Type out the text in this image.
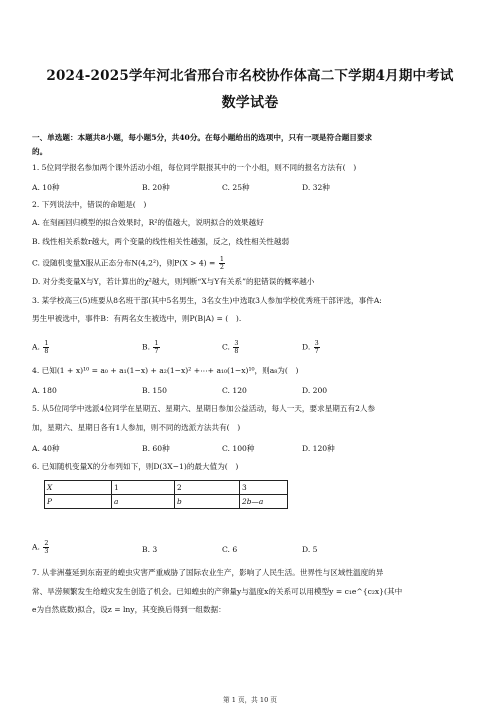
2024-2025学年河北省邢台市名校协作体高二下学期4月期中考试
数学试卷
一、单选题：本题共8小题，每小题5分，共40分。在每小题给出的选项中，只有一项是符合题目要求
的。
1. 5位同学报名参加两个课外活动小组，每位同学限报其中的一个小组，则不同的报名方法有(　)
A. 10种	B. 20种	C. 25种	D. 32种
2. 下列说法中，错误的命题是(　)
A. 在刻画回归模型的拟合效果时，R²的值越大，说明拟合的效果越好
B. 线性相关系数r越大，两个变量的线性相关性越强，反之，线性相关性越弱
C. 设随机变量X服从正态分布N(4,2²)，则$P(X > 4) = \frac{1}{2}$
D. 对分类变量X与Y，若计算出的χ²越大，则判断“X与Y有关系”的犯错误的概率越小
3. 某学校高三(5)班要从8名班干部(其中5名男生，3名女生)中选取3人参加学校优秀班干部评选，事件A:
男生甲被选中，事件B：有两名女生被选中，则P(B|A) = (　).
A. $\frac{1}{8}$	B. $\frac{1}{7}$	C. $\frac{3}{8}$	D. $\frac{3}{7}$
4. 已知(1 + x)¹⁰ = a₀ + a₁(1−x) + a₂(1−x)² +⋯+ a₁₀(1−x)¹⁰，则a₈为(　)
A. 180	B. 150	C. 120	D. 200
5. 从5位同学中选派4位同学在星期五、星期六、星期日参加公益活动，每人一天，要求星期五有2人参
加，星期六、星期日各有1人参加，则不同的选派方法共有(　)
A. 40种	B. 60种	C. 100种	D. 120种
6. 已知随机变量X的分布列如下，则D(3X−1)的最大值为(　)
X	1	2	3
P	a	b	2b—a
A. $\frac{2}{3}$	B. 3	C. 6	D. 5
7. 从非洲蔓延到东南亚的蝗虫灾害严重威胁了国际农业生产，影响了人民生活。世界性与区域性温度的异
常、旱涝频繁发生给蝗灾发生创造了机会。已知蝗虫的产卵量y与温度x的关系可以用模型y = c₁e^{c₂x}(其中
e为自然底数)拟合，设z = lny，其变换后得到一组数据：
第 1 页，共 10 页
